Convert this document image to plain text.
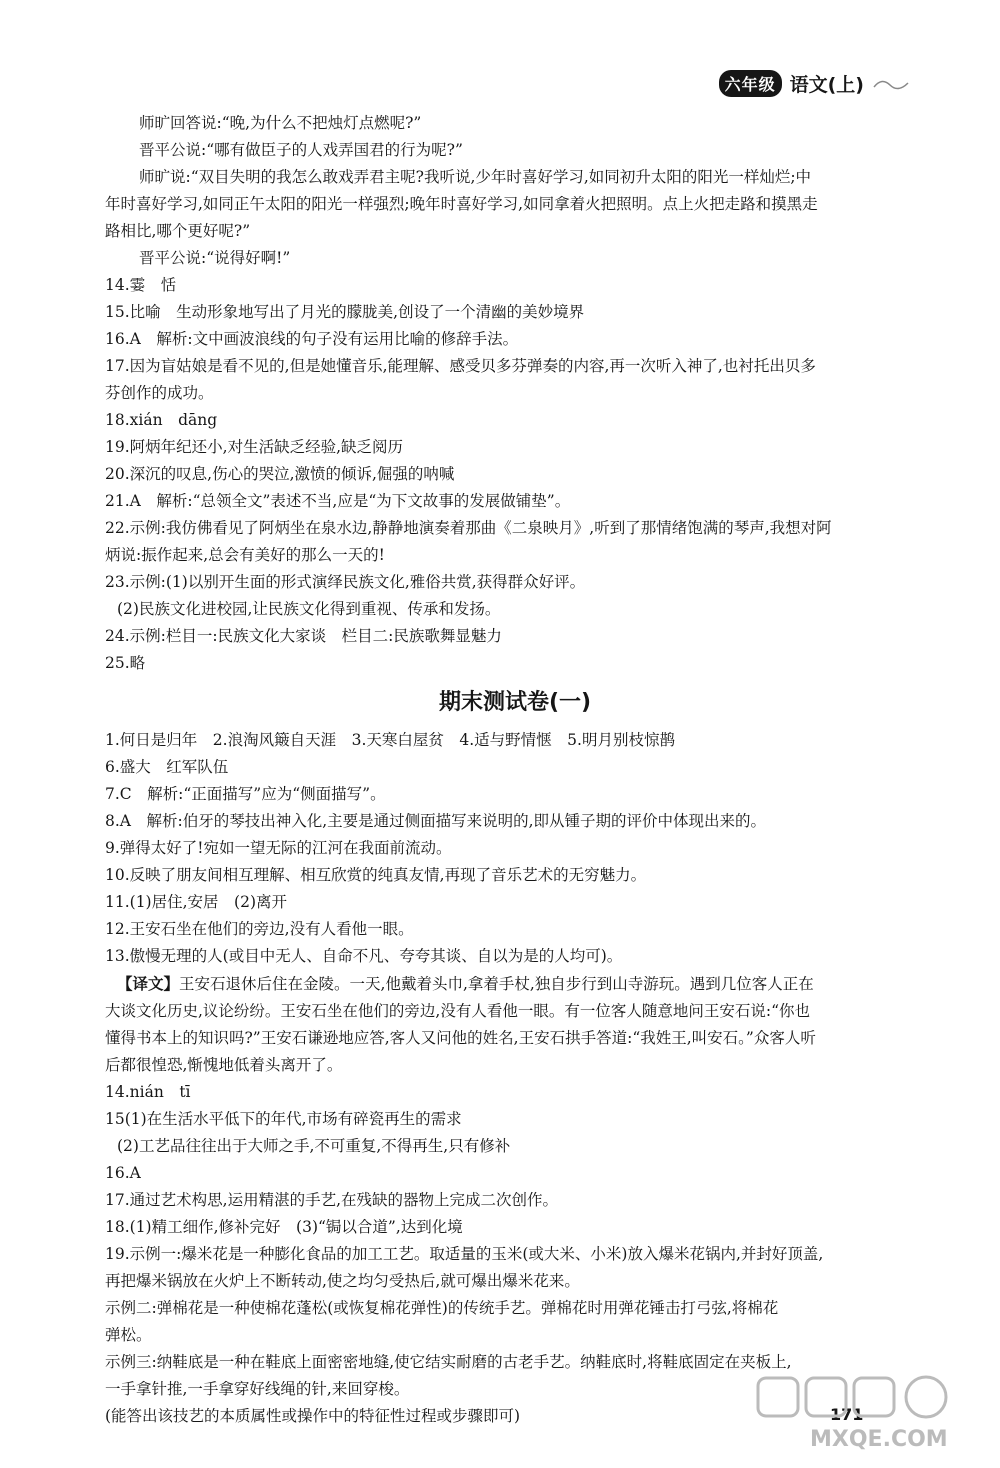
六年级 语文(上)

师旷回答说:“晚,为什么不把烛灯点燃呢?”

晋平公说:“哪有做臣子的人戏弄国君的行为呢?”

师旷说:“双目失明的我怎么敢戏弄君主呢?我听说,少年时喜好学习,如同初升太阳的阳光一样灿烂;中

年时喜好学习,如同正午太阳的阳光一样强烈;晚年时喜好学习,如同拿着火把照明。点上火把走路和摸黑走

路相比,哪个更好呢?”

晋平公说:“说得好啊!”

14.霎　恬

15.比喻　生动形象地写出了月光的朦胧美,创设了一个清幽的美妙境界

16.A　解析:文中画波浪线的句子没有运用比喻的修辞手法。

17.因为盲姑娘是看不见的,但是她懂音乐,能理解、感受贝多芬弹奏的内容,再一次听入神了,也衬托出贝多

芬创作的成功。

18.xián　dāng

19.阿炳年纪还小,对生活缺乏经验,缺乏阅历

20.深沉的叹息,伤心的哭泣,激愤的倾诉,倔强的呐喊

21.A　解析:“总领全文”表述不当,应是“为下文故事的发展做铺垫”。

22.示例:我仿佛看见了阿炳坐在泉水边,静静地演奏着那曲《二泉映月》,听到了那情绪饱满的琴声,我想对阿

炳说:振作起来,总会有美好的那么一天的!

23.示例:(1)以别开生面的形式演绎民族文化,雅俗共赏,获得群众好评。

(2)民族文化进校园,让民族文化得到重视、传承和发扬。

24.示例:栏目一:民族文化大家谈　栏目二:民族歌舞显魅力

25.略

期末测试卷(一)

1.何日是归年　2.浪淘风簸自天涯　3.天寒白屋贫　4.适与野情惬　5.明月别枝惊鹊

6.盛大　红军队伍

7.C　解析:“正面描写”应为“侧面描写”。

8.A　解析:伯牙的琴技出神入化,主要是通过侧面描写来说明的,即从锺子期的评价中体现出来的。

9.弹得太好了!宛如一望无际的江河在我面前流动。

10.反映了朋友间相互理解、相互欣赏的纯真友情,再现了音乐艺术的无穷魅力。

11.(1)居住,安居　(2)离开

12.王安石坐在他们的旁边,没有人看他一眼。

13.傲慢无理的人(或目中无人、自命不凡、夸夸其谈、自以为是的人均可)。

【译文】王安石退休后住在金陵。一天,他戴着头巾,拿着手杖,独自步行到山寺游玩。遇到几位客人正在

大谈文化历史,议论纷纷。王安石坐在他们的旁边,没有人看他一眼。有一位客人随意地问王安石说:“你也

懂得书本上的知识吗?”王安石谦逊地应答,客人又问他的姓名,王安石拱手答道:“我姓王,叫安石。”众客人听

后都很惶恐,惭愧地低着头离开了。

14.nián　tī

15(1)在生活水平低下的年代,市场有碎瓷再生的需求

(2)工艺品往往出于大师之手,不可重复,不得再生,只有修补

16.A

17.通过艺术构思,运用精湛的手艺,在残缺的器物上完成二次创作。

18.(1)精工细作,修补完好　(3)“锔以合道”,达到化境

19.示例一:爆米花是一种膨化食品的加工工艺。取适量的玉米(或大米、小米)放入爆米花锅内,并封好顶盖,

再把爆米锅放在火炉上不断转动,使之均匀受热后,就可爆出爆米花来。

示例二:弹棉花是一种使棉花蓬松(或恢复棉花弹性)的传统手艺。弹棉花时用弹花锤击打弓弦,将棉花

弹松。

示例三:纳鞋底是一种在鞋底上面密密地缝,使它结实耐磨的古老手艺。纳鞋底时,将鞋底固定在夹板上,

一手拿针推,一手拿穿好线绳的针,来回穿梭。

(能答出该技艺的本质属性或操作中的特征性过程或步骤即可)	171
MXQE.COM
